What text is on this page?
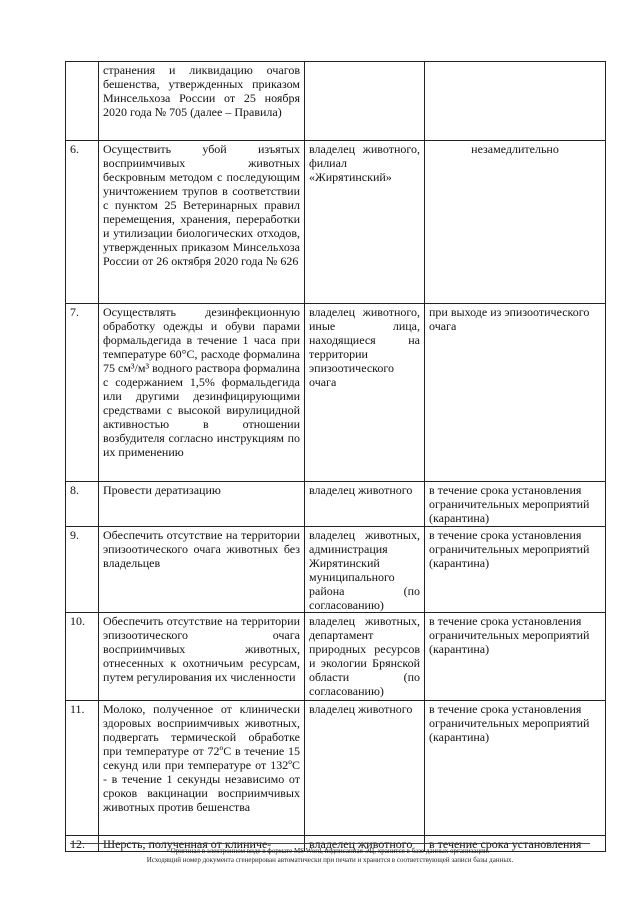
	странения и ликвидацию очагов бешенства, утвержденных приказом Минсельхоза России от 25 ноября 2020 года № 705 (далее – Правила)		
6.	Осуществить убой изъятых восприимчивых животных бескровным методом с последующим уничтожением трупов в соответствии с пунктом 25 Ветеринарных правил перемещения, хранения, переработки и утилизации биологических отходов, утвержденных приказом Минсельхоза России от 26 октября 2020 года № 626	владелец животного, филиал «Жирятинский»	незамедлительно
7.	Осуществлять дезинфекционную обработку одежды и обуви парами формальдегида в течение 1 часа при температуре 60°С, расходе формалина 75 см³/м³ водного раствора формалина с содержанием 1,5% формальдегида или другими дезинфицирующими средствами с высокой вирулицидной активностью в отношении возбудителя согласно инструкциям по их применению	владелец животного, иные лица, находящиеся на территории эпизоотического очага	при выходе из эпизоотического очага
8.	Провести дератизацию	владелец животного	в течение срока установления ограничительных мероприятий (карантина)
9.	Обеспечить отсутствие на территории эпизоотического очага животных без владельцев	владелец животных, администрация Жирятинский муниципального района (по согласованию)	в течение срока установления ограничительных мероприятий (карантина)
10.	Обеспечить отсутствие на территории эпизоотического очага восприимчивых животных, отнесенных к охотничьим ресурсам, путем регулирования их численности	владелец животных, департамент природных ресурсов и экологии Брянской области (по согласованию)	в течение срока установления ограничительных мероприятий (карантина)
11.	Молоко, полученное от клинически здоровых восприимчивых животных, подвергать термической обработке при температуре от 72ºС в течение 15 секунд или при температуре от 132ºС - в течение 1 секунды независимо от сроков вакцинации восприимчивых животных против бешенства	владелец животного	в течение срока установления ограничительных мероприятий (карантина)
12.	Шерсть, полученная от клиниче-	владелец животного	в течение срока установления

Оригинал в электронном виде в формате MS Word, подписанная ЭЦ, хранится в базе данных организации.

Исходящий номер документа сгенерирован автоматически при печати и хранится в соответствующей записи базы данных.
